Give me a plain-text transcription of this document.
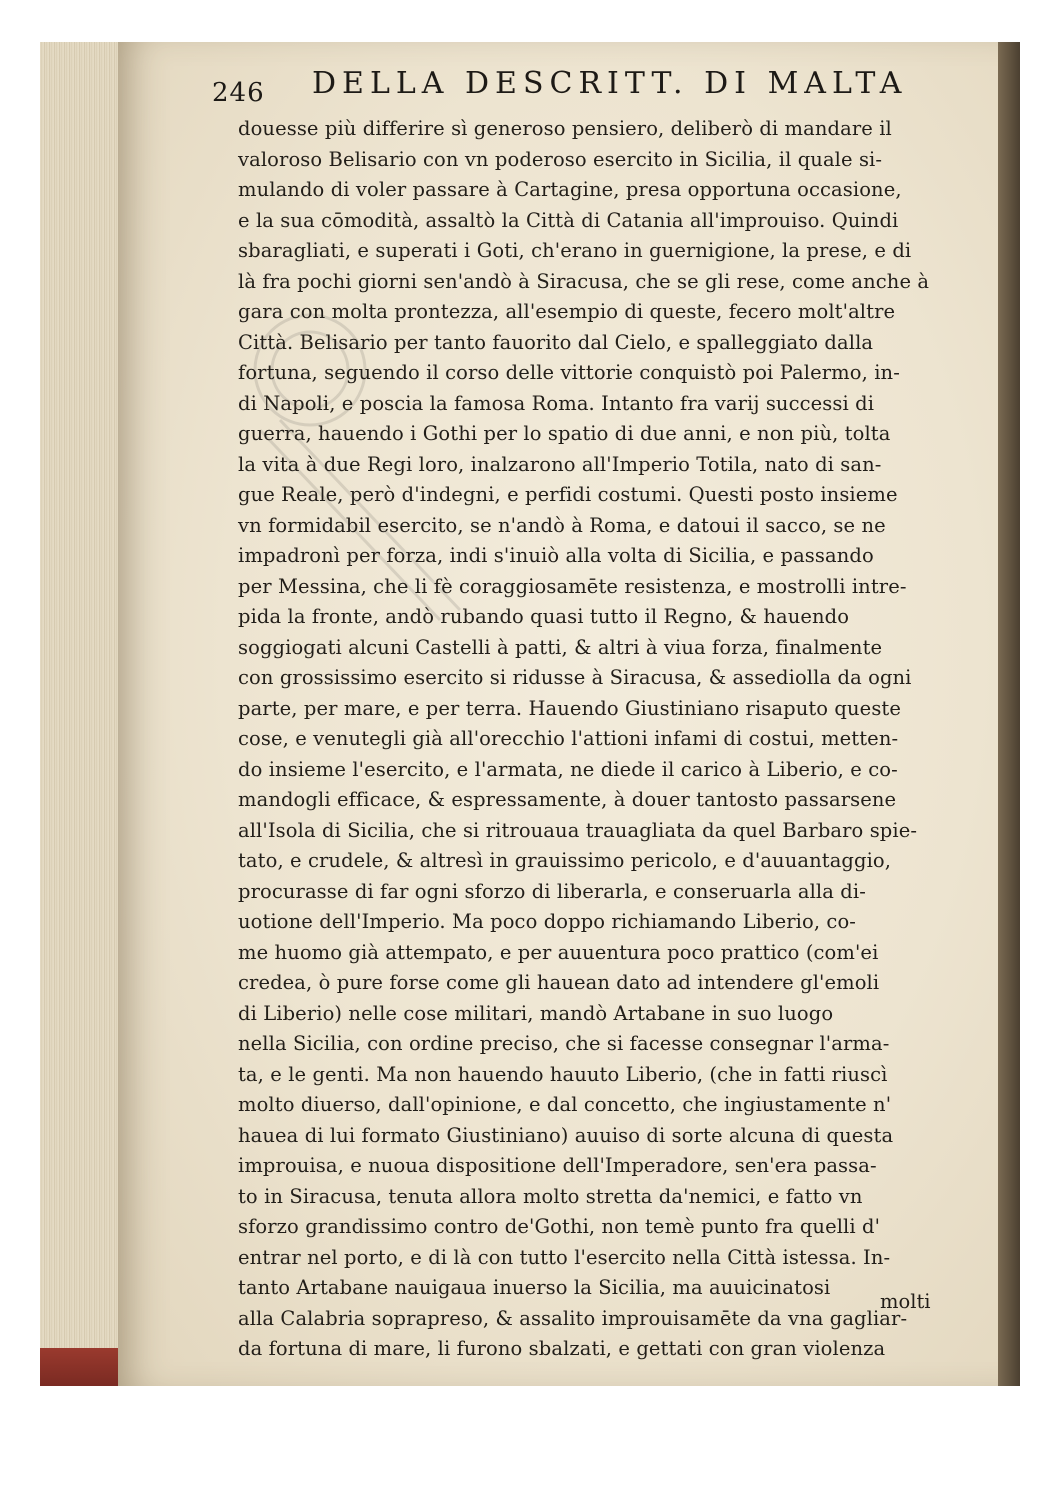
246 DELLA DESCRITT. DI MALTA
douesse più differire sì generoso pensiero, deliberò di mandare il
valoroso Belisario con vn poderoso esercito in Sicilia, il quale si-
mulando di voler passare à Cartagine, presa opportuna occasione,
e la sua cōmodità, assaltò la Città di Catania all'improuiso. Quindi
sbaragliati, e superati i Goti, ch'erano in guernigione, la prese, e di
là fra pochi giorni sen'andò à Siracusa, che se gli rese, come anche à
gara con molta prontezza, all'esempio di queste, fecero molt'altre
Città. Belisario per tanto fauorito dal Cielo, e spalleggiato dalla
fortuna, seguendo il corso delle vittorie conquistò poi Palermo, in-
di Napoli, e poscia la famosa Roma. Intanto fra varij successi di
guerra, hauendo i Gothi per lo spatio di due anni, e non più, tolta
la vita à due Regi loro, inalzarono all'Imperio Totila, nato di san-
gue Reale, però d'indegni, e perfidi costumi. Questi posto insieme
vn formidabil esercito, se n'andò à Roma, e datoui il sacco, se ne
impadronì per forza, indi s'inuiò alla volta di Sicilia, e passando
per Messina, che li fè coraggiosamēte resistenza, e mostrolli intre-
pida la fronte, andò rubando quasi tutto il Regno, & hauendo
soggiogati alcuni Castelli à patti, & altri à viua forza, finalmente
con grossissimo esercito si ridusse à Siracusa, & assediolla da ogni
parte, per mare, e per terra. Hauendo Giustiniano risaputo queste
cose, e venutegli già all'orecchio l'attioni infami di costui, metten-
do insieme l'esercito, e l'armata, ne diede il carico à Liberio, e co-
mandogli efficace, & espressamente, à douer tantosto passarsene
all'Isola di Sicilia, che si ritrouaua trauagliata da quel Barbaro spie-
tato, e crudele, & altresì in grauissimo pericolo, e d'auuantaggio,
procurasse di far ogni sforzo di liberarla, e conseruarla alla di-
uotione dell'Imperio. Ma poco doppo richiamando Liberio, co-
me huomo già attempato, e per auuentura poco prattico (com'ei
credea, ò pure forse come gli hauean dato ad intendere gl'emoli
di Liberio) nelle cose militari, mandò Artabane in suo luogo
nella Sicilia, con ordine preciso, che si facesse consegnar l'arma-
ta, e le genti. Ma non hauendo hauuto Liberio, (che in fatti riuscì
molto diuerso, dall'opinione, e dal concetto, che ingiustamente n'
hauea di lui formato Giustiniano) auuiso di sorte alcuna di questa
improuisa, e nuoua dispositione dell'Imperadore, sen'era passa-
to in Siracusa, tenuta allora molto stretta da'nemici, e fatto vn
sforzo grandissimo contro de'Gothi, non temè punto fra quelli d'
entrar nel porto, e di là con tutto l'esercito nella Città istessa. In-
tanto Artabane nauigaua inuerso la Sicilia, ma auuicinatosi
alla Calabria soprapreso, & assalito improuisamēte da vna gagliar-
da fortuna di mare, li furono sbalzati, e gettati con gran violenza
molti
